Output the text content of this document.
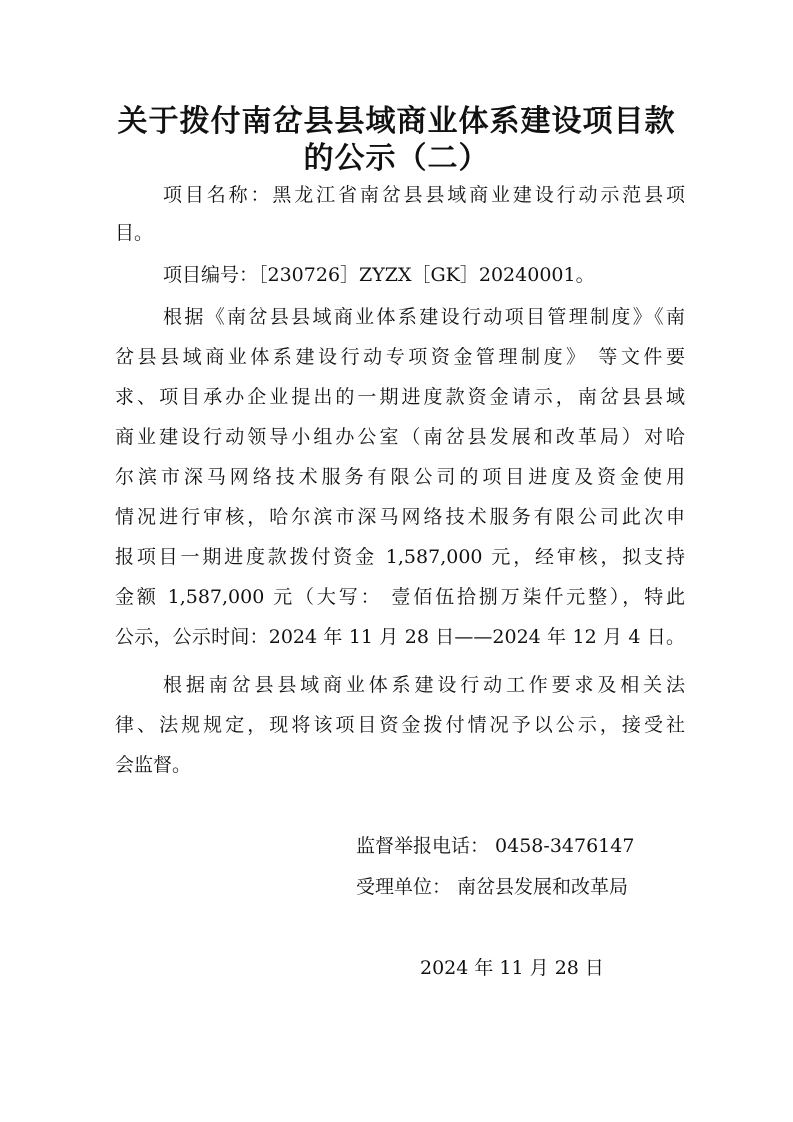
关于拨付南岔县县域商业体系建设项目款
的公示（二）

项目名称：黑龙江省南岔县县域商业建设行动示范县项

目。

项目编号：［230726］ZYZX［GK］20240001。

根据《南岔县县域商业体系建设行动项目管理制度》《南

岔县县域商业体系建设行动专项资金管理制度》 等文件要

求、项目承办企业提出的一期进度款资金请示，南岔县县域

商业建设行动领导小组办公室（南岔县发展和改革局）对哈

尔滨市深马网络技术服务有限公司的项目进度及资金使用

情况进行审核，哈尔滨市深马网络技术服务有限公司此次申

报项目一期进度款拨付资金 1,587,000 元，经审核，拟支持

金额 1,587,000 元（大写： 壹佰伍拾捌万柒仟元整），特此

公示，公示时间：2024 年 11 月 28 日——2024 年 12 月 4 日。

根据南岔县县域商业体系建设行动工作要求及相关法

律、法规规定，现将该项目资金拨付情况予以公示，接受社

会监督。

监督举报电话： 0458-3476147

受理单位： 南岔县发展和改革局

2024 年 11 月 28 日
